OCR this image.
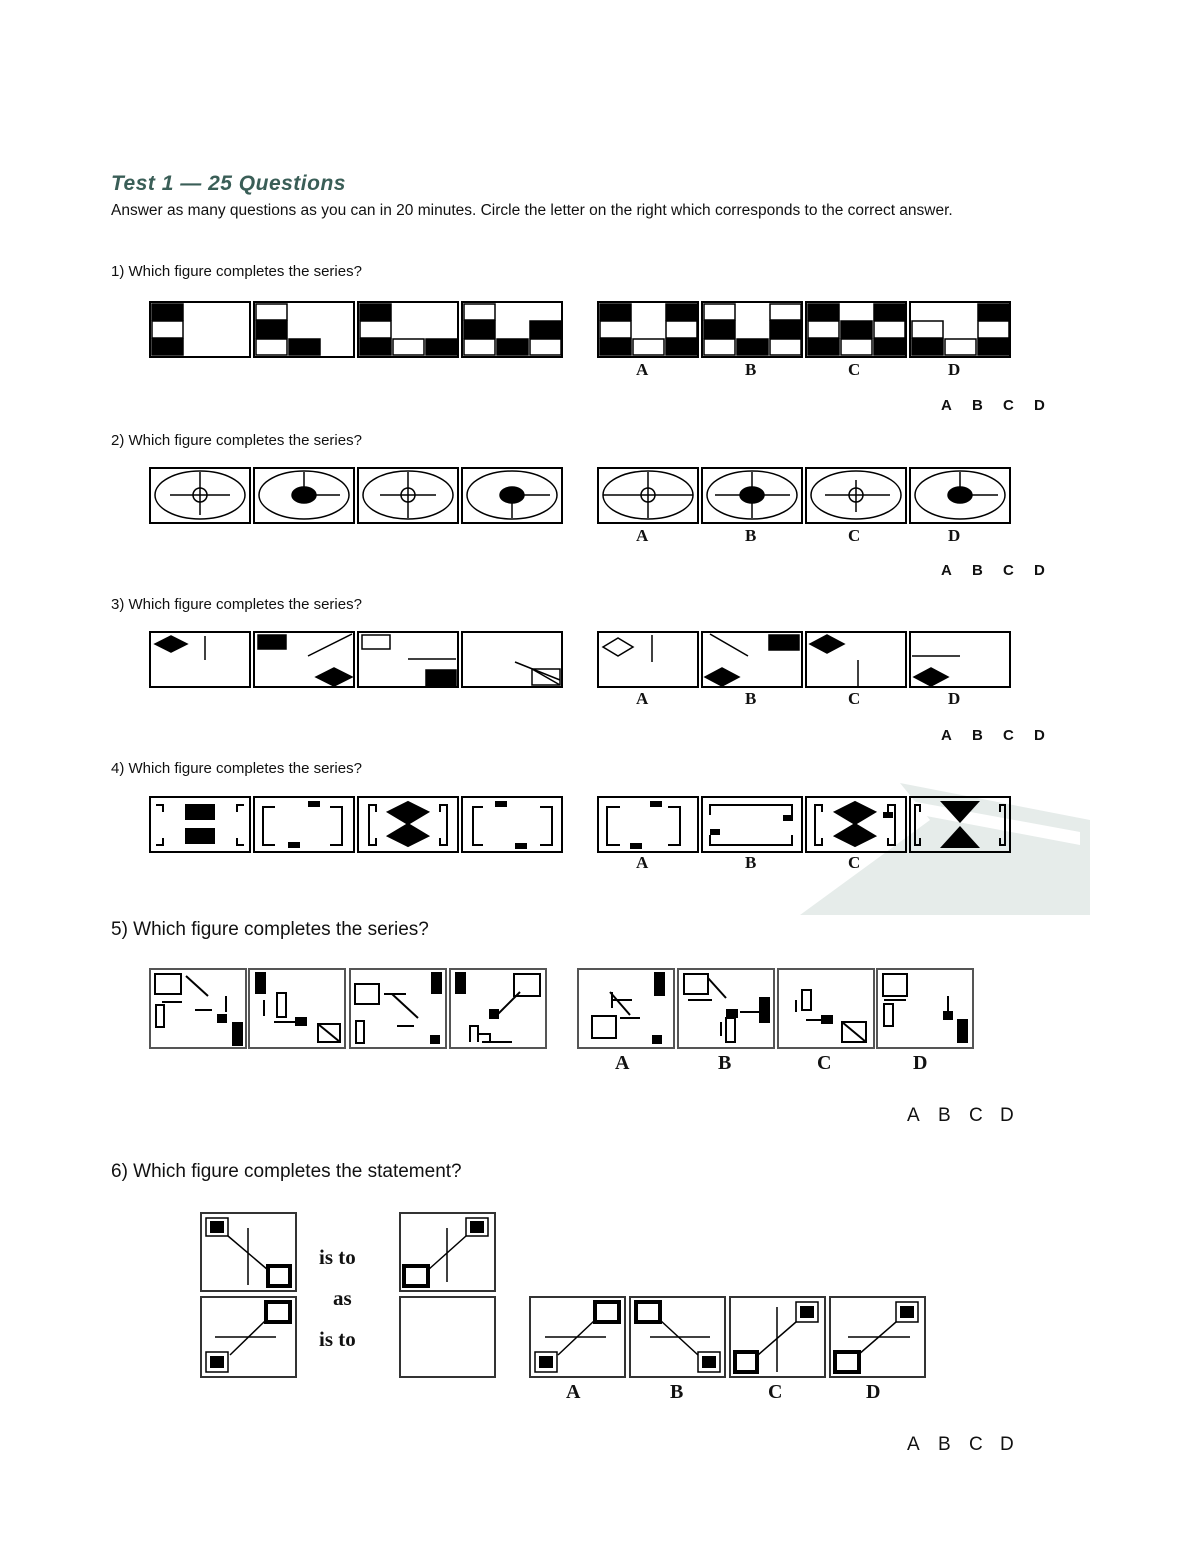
Test 1 — 25 Questions
Answer as many questions as you can in 20 minutes. Circle the letter on the right which corresponds to the correct answer.
1) Which figure completes the series?
A	B	C	D
A B C D
2) Which figure completes the series?
A	B	C	D
A B C D
3) Which figure completes the series?
A	B	C	D
A B C D
4) Which figure completes the series?
A	B	C
5) Which figure completes the series?
A	B	C	D
A B C D
6) Which figure completes the statement?
is to
as
is to
A	B	C	D
A B C D
